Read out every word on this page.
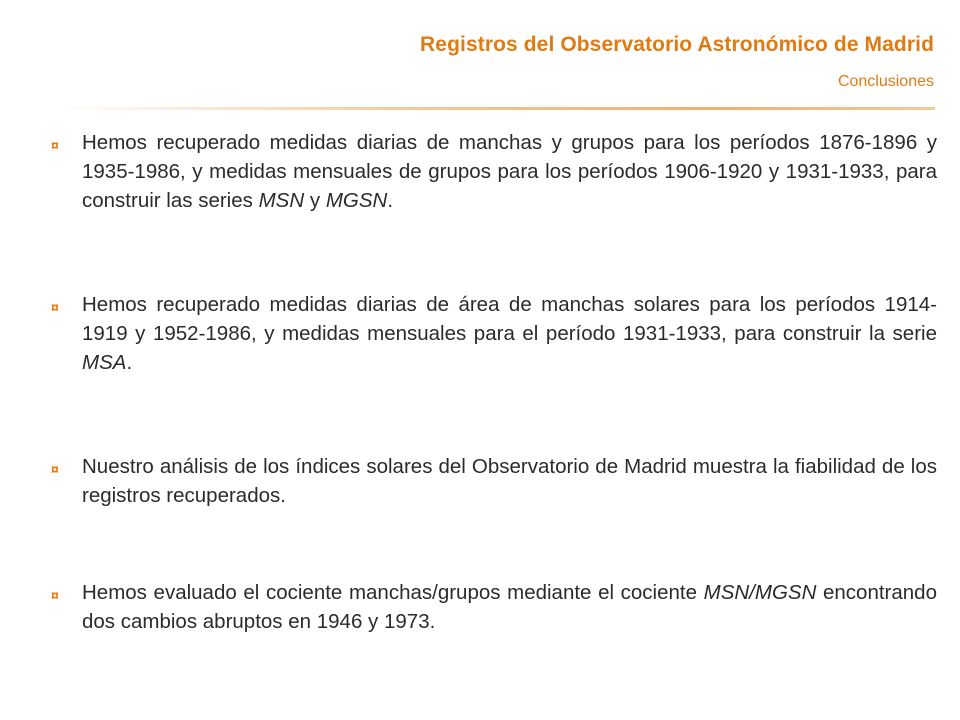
Registros del Observatorio Astronómico de Madrid
Conclusiones
¤ Hemos recuperado medidas diarias de manchas y grupos para los períodos 1876-1896 y 1935-1986, y medidas mensuales de grupos para los períodos 1906-1920 y 1931-1933, para construir las series MSN y MGSN.
¤ Hemos recuperado medidas diarias de área de manchas solares para los períodos 1914-1919 y 1952-1986, y medidas mensuales para el período 1931-1933, para construir la serie MSA.
¤ Nuestro análisis de los índices solares del Observatorio de Madrid muestra la fiabilidad de los registros recuperados.
¤ Hemos evaluado el cociente manchas/grupos mediante el cociente MSN/MGSN encontrando dos cambios abruptos en 1946 y 1973.
